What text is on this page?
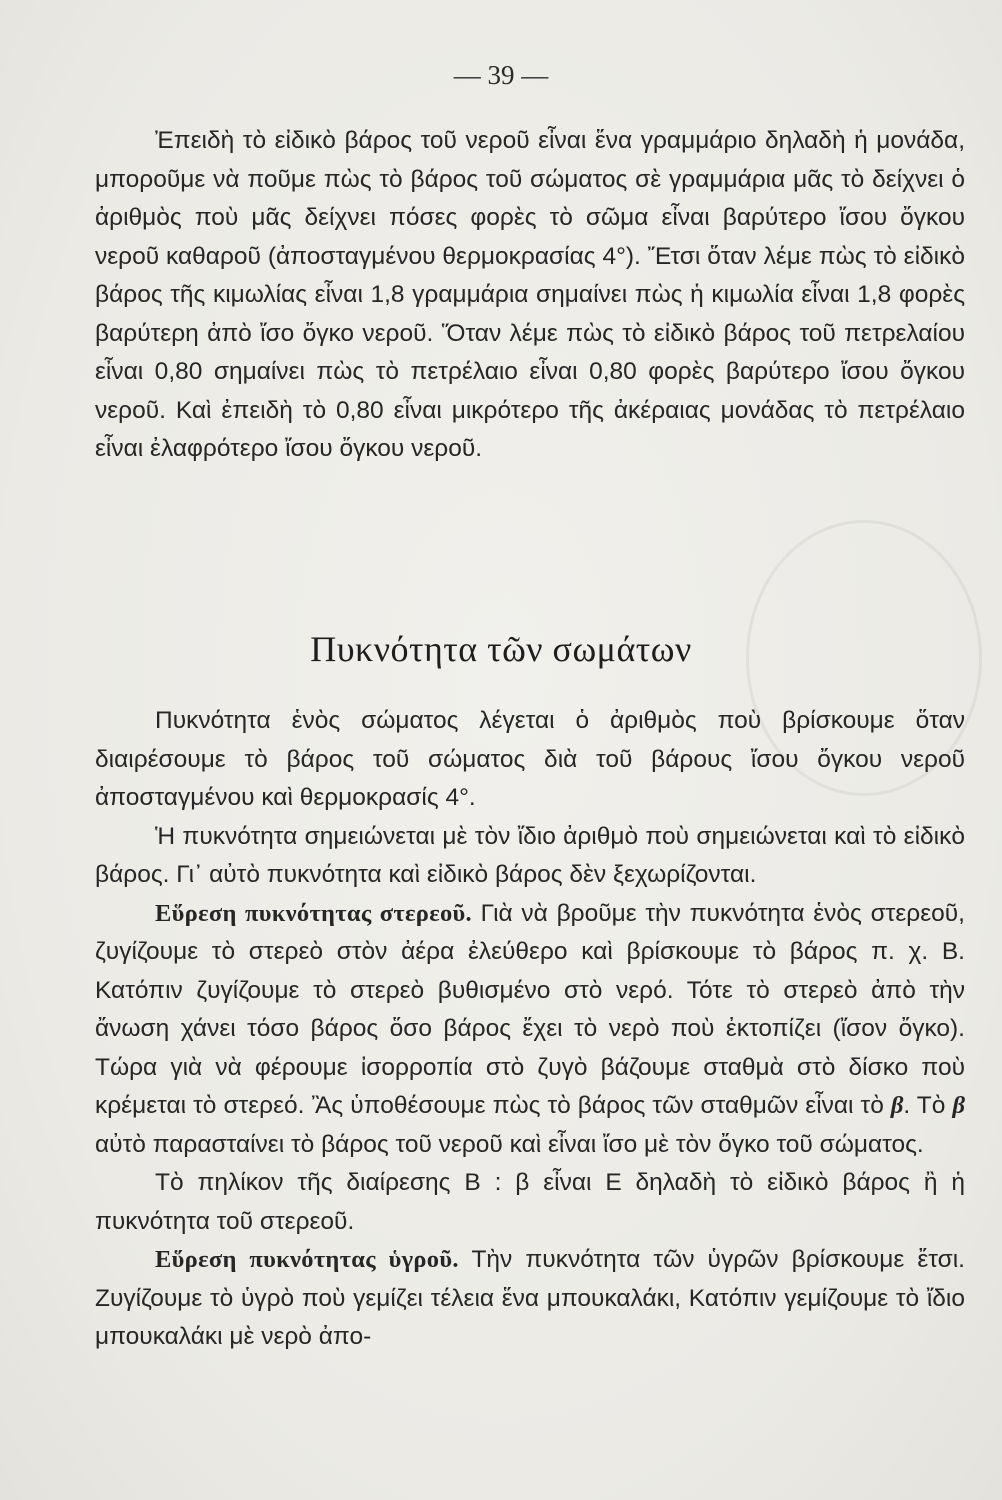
— 39 —

Ἐπειδὴ τὸ εἰδικὸ βάρος τοῦ νεροῦ εἶναι ἕνα γραμμάριο δηλαδὴ ἡ μονάδα, μποροῦμε νὰ ποῦμε πὼς τὸ βάρος τοῦ σώματος σὲ γραμμάρια μᾶς τὸ δείχνει ὁ ἀριθμὸς ποὺ μᾶς δείχνει πόσες φορὲς τὸ σῶμα εἶναι βαρύτερο ἴσου ὄγκου νεροῦ καθαροῦ (ἀποσταγμένου θερμοκρασίας 4°). Ἔτσι ὅταν λέμε πὼς τὸ εἰδικὸ βάρος τῆς κιμωλίας εἶναι 1,8 γραμμάρια σημαίνει πὼς ἡ κιμωλία εἶναι 1,8 φορὲς βαρύτερη ἀπὸ ἴσο ὄγκο νεροῦ. Ὅταν λέμε πὼς τὸ εἰδικὸ βάρος τοῦ πετρελαίου εἶναι 0,80 σημαίνει πὼς τὸ πετρέλαιο εἶναι 0,80 φορὲς βαρύτερο ἴσου ὄγκου νεροῦ. Καὶ ἐπειδὴ τὸ 0,80 εἶναι μικρότερο τῆς ἀκέραιας μονάδας τὸ πετρέλαιο εἶναι ἐλαφρότερο ἴσου ὄγκου νεροῦ.

Πυκνότητα τῶν σωμάτων

Πυκνότητα ἑνὸς σώματος λέγεται ὁ ἀριθμὸς ποὺ βρίσκουμε ὅταν διαιρέσουμε τὸ βάρος τοῦ σώματος διὰ τοῦ βάρους ἴσου ὄγκου νεροῦ ἀποσταγμένου καὶ θερμοκρασίς 4°.

Ἡ πυκνότητα σημειώνεται μὲ τὸν ἴδιο ἀριθμὸ ποὺ σημειώνεται καὶ τὸ εἰδικὸ βάρος. Γι᾿ αὐτὸ πυκνότητα καὶ εἰδικὸ βάρος δὲν ξεχωρίζονται.

Εὕρεση πυκνότητας στερεοῦ. Γιὰ νὰ βροῦμε τὴν πυκνότητα ἑνὸς στερεοῦ, ζυγίζουμε τὸ στερεὸ στὸν ἀέρα ἐλεύθερο καὶ βρίσκουμε τὸ βάρος π. χ. Β. Κατόπιν ζυγίζουμε τὸ στερεὸ βυθισμένο στὸ νερό. Τότε τὸ στερεὸ ἀπὸ τὴν ἄνωση χάνει τόσο βάρος ὅσο βάρος ἔχει τὸ νερὸ ποὺ ἐκτοπίζει (ἴσον ὄγκο). Τώρα γιὰ νὰ φέρουμε ἰσορροπία στὸ ζυγὸ βάζουμε σταθμὰ στὸ δίσκο ποὺ κρέμεται τὸ στερεό. Ἂς ὑποθέσουμε πὼς τὸ βάρος τῶν σταθμῶν εἶναι τὸ β. Τὸ β αὐτὸ παρασταίνει τὸ βάρος τοῦ νεροῦ καὶ εἶναι ἴσο μὲ τὸν ὄγκο τοῦ σώματος.

Τὸ πηλίκον τῆς διαίρεσης Β : β εἶναι Ε δηλαδὴ τὸ εἰδικὸ βάρος ἢ ἡ πυκνότητα τοῦ στερεοῦ.

Εὕρεση πυκνότητας ὑγροῦ. Τὴν πυκνότητα τῶν ὑγρῶν βρίσκουμε ἔτσι. Ζυγίζουμε τὸ ὑγρὸ ποὺ γεμίζει τέλεια ἕνα μπουκαλάκι, Κατόπιν γεμίζουμε τὸ ἴδιο μπουκαλάκι μὲ νερὸ ἀπο-
